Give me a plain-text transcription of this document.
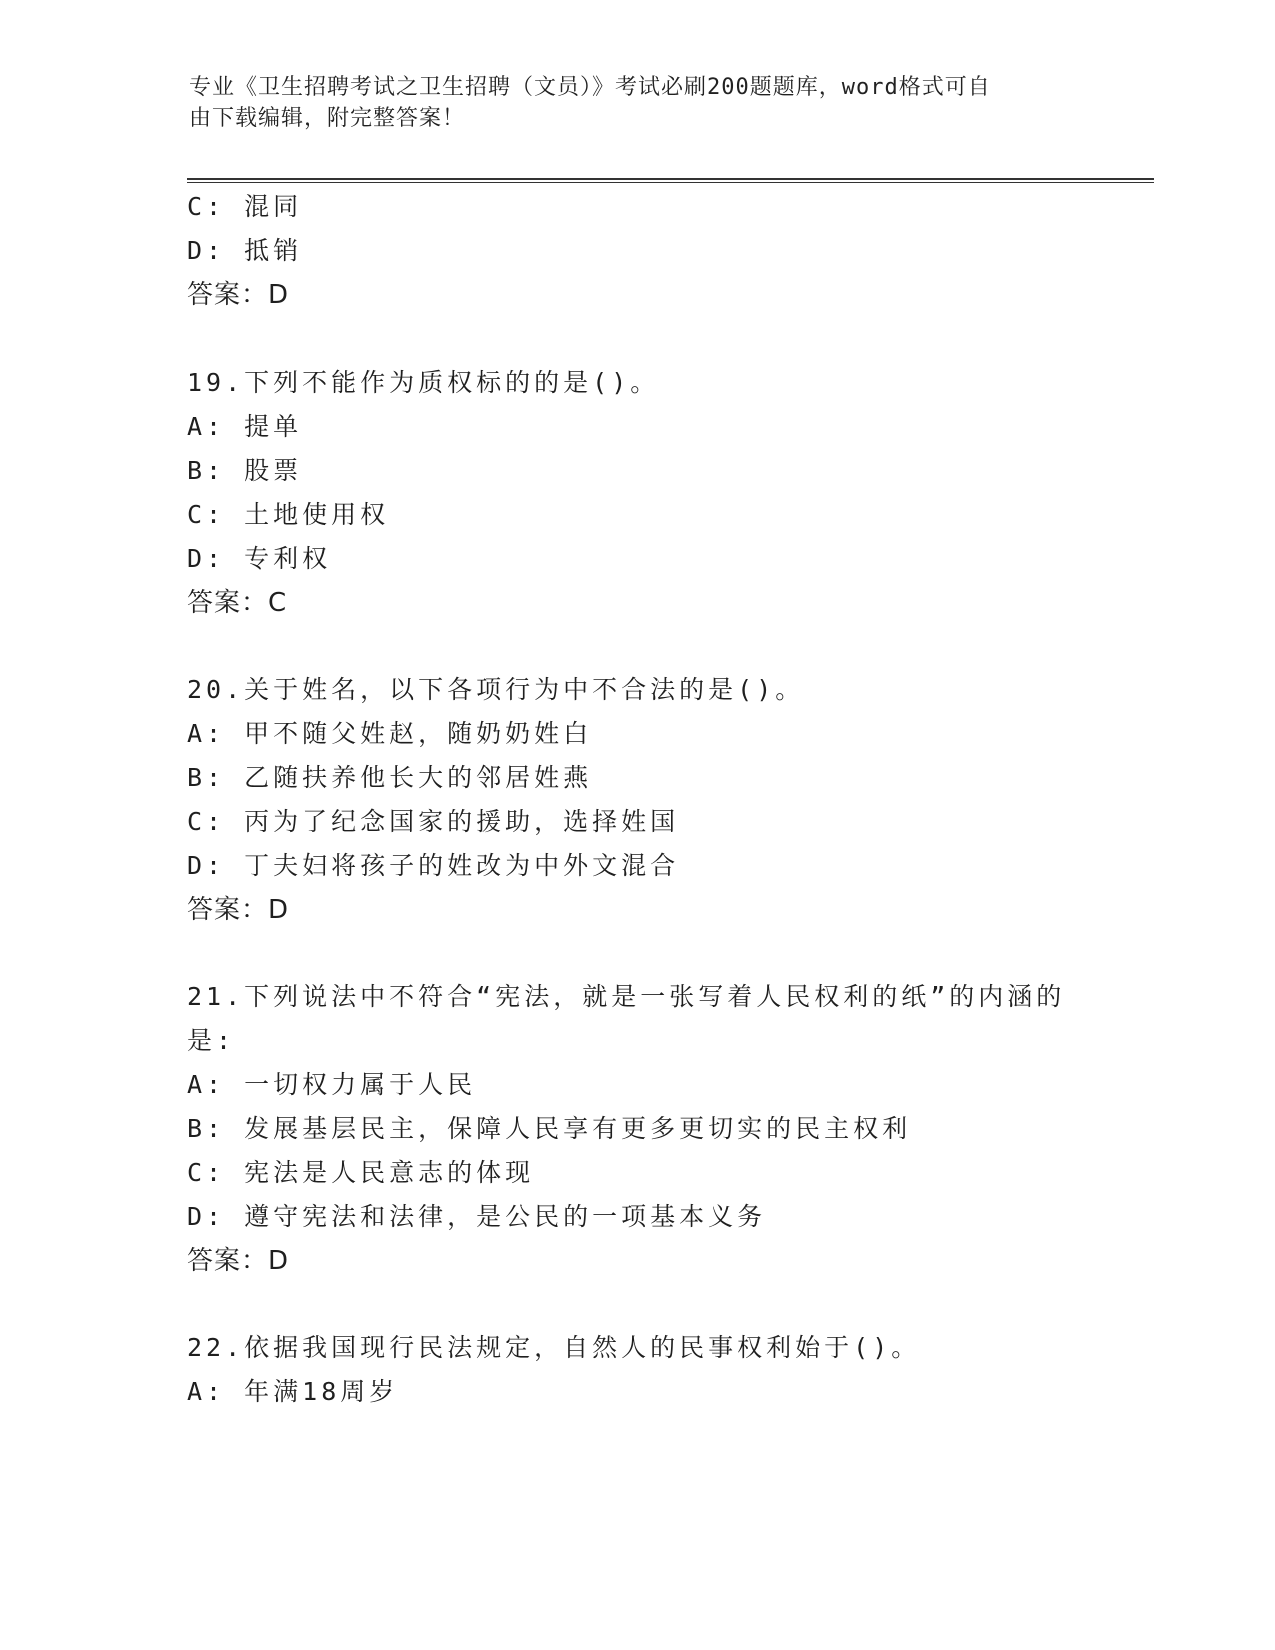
专业《卫生招聘考试之卫生招聘（文员）》考试必刷200题题库，word格式可自
由下载编辑，附完整答案！
C: 混同
D: 抵销
答案：D
19.下列不能作为质权标的的是()。
A: 提单
B: 股票
C: 土地使用权
D: 专利权
答案：C
20.关于姓名，以下各项行为中不合法的是()。
A: 甲不随父姓赵，随奶奶姓白
B: 乙随扶养他长大的邻居姓燕
C: 丙为了纪念国家的援助，选择姓国
D: 丁夫妇将孩子的姓改为中外文混合
答案：D
21.下列说法中不符合“宪法，就是一张写着人民权利的纸”的内涵的
是:
A: 一切权力属于人民
B: 发展基层民主，保障人民享有更多更切实的民主权利
C: 宪法是人民意志的体现
D: 遵守宪法和法律，是公民的一项基本义务
答案：D
22.依据我国现行民法规定，自然人的民事权利始于()。
A: 年满18周岁
